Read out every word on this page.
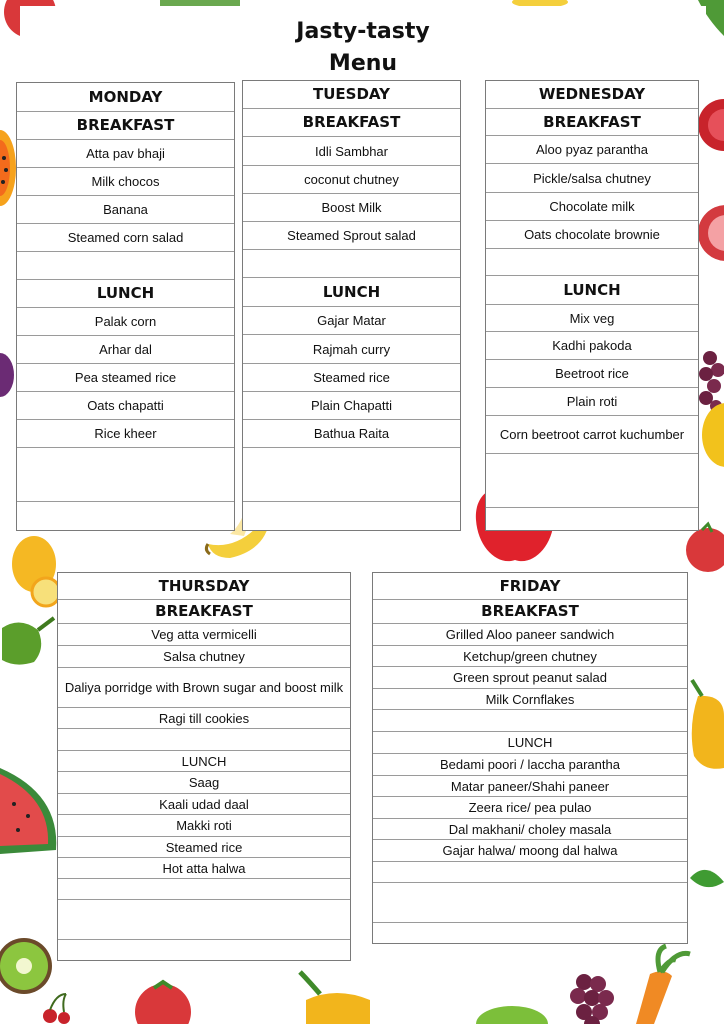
Jasty-tasty
Menu
MONDAY
BREAKFAST
Atta pav bhaji
Milk chocos
Banana
Steamed corn salad
LUNCH
Palak corn
Arhar dal
Pea steamed rice
Oats chapatti
Rice kheer
TUESDAY
BREAKFAST
Idli Sambhar
coconut chutney
Boost Milk
Steamed Sprout salad
LUNCH
Gajar Matar
Rajmah curry
Steamed rice
Plain Chapatti
Bathua Raita
WEDNESDAY
BREAKFAST
Aloo pyaz parantha
Pickle/salsa chutney
Chocolate milk
Oats chocolate brownie
LUNCH
Mix veg
Kadhi pakoda
Beetroot rice
Plain roti
Corn beetroot carrot kuchumber
THURSDAY
BREAKFAST
Veg atta vermicelli
Salsa chutney
Daliya porridge with Brown sugar and boost milk
Ragi till cookies
LUNCH
Saag
Kaali udad daal
Makki roti
Steamed rice
Hot atta halwa
FRIDAY
BREAKFAST
Grilled Aloo paneer sandwich
Ketchup/green chutney
Green sprout peanut salad
Milk Cornflakes
LUNCH
Bedami poori / laccha parantha
Matar paneer/Shahi paneer
Zeera rice/ pea pulao
Dal makhani/ choley masala
Gajar halwa/ moong dal halwa
